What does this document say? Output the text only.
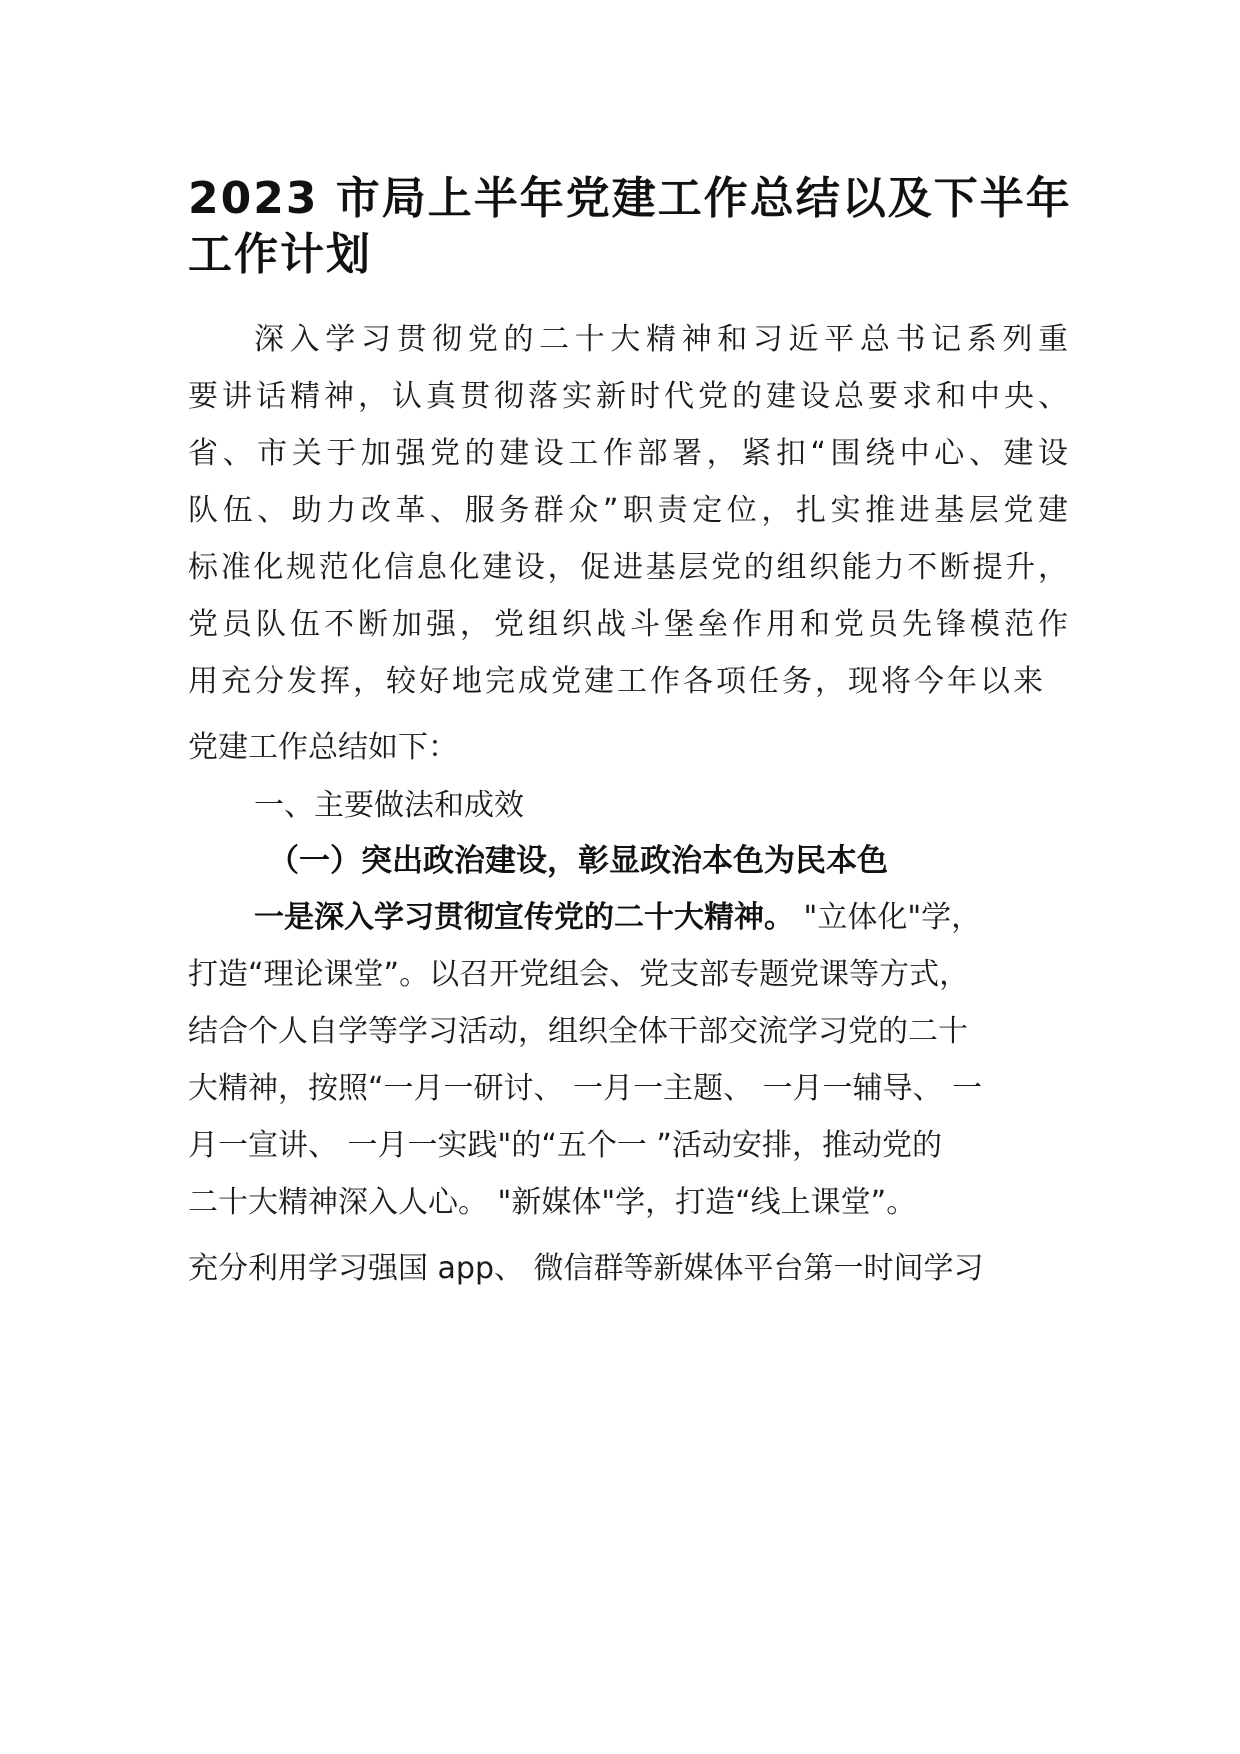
2023 市局上半年党建工作总结以及下半年
工作计划
深入学习贯彻党的二十大精神和习近平总书记系列重
要讲话精神，认真贯彻落实新时代党的建设总要求和中央、
省、市关于加强党的建设工作部署，紧扣“围绕中心、建设
队伍、助力改革、服务群众”职责定位，扎实推进基层党建
标准化规范化信息化建设，促进基层党的组织能力不断提升，
党员队伍不断加强，党组织战斗堡垒作用和党员先锋模范作
用充分发挥，较好地完成党建工作各项任务，现将今年以来
党建工作总结如下：
一、主要做法和成效
（一）突出政治建设，彰显政治本色为民本色
一是深入学习贯彻宣传党的二十大精神。 "立体化"学，
打造“理论课堂”。以召开党组会、党支部专题党课等方式，
结合个人自学等学习活动，组织全体干部交流学习党的二十
大精神，按照“一月一研讨、 一月一主题、 一月一辅导、 一
月一宣讲、 一月一实践"的“五个一 ”活动安排，推动党的
二十大精神深入人心。 "新媒体"学，打造“线上课堂”。
充分利用学习强国 app、 微信群等新媒体平台第一时间学习
